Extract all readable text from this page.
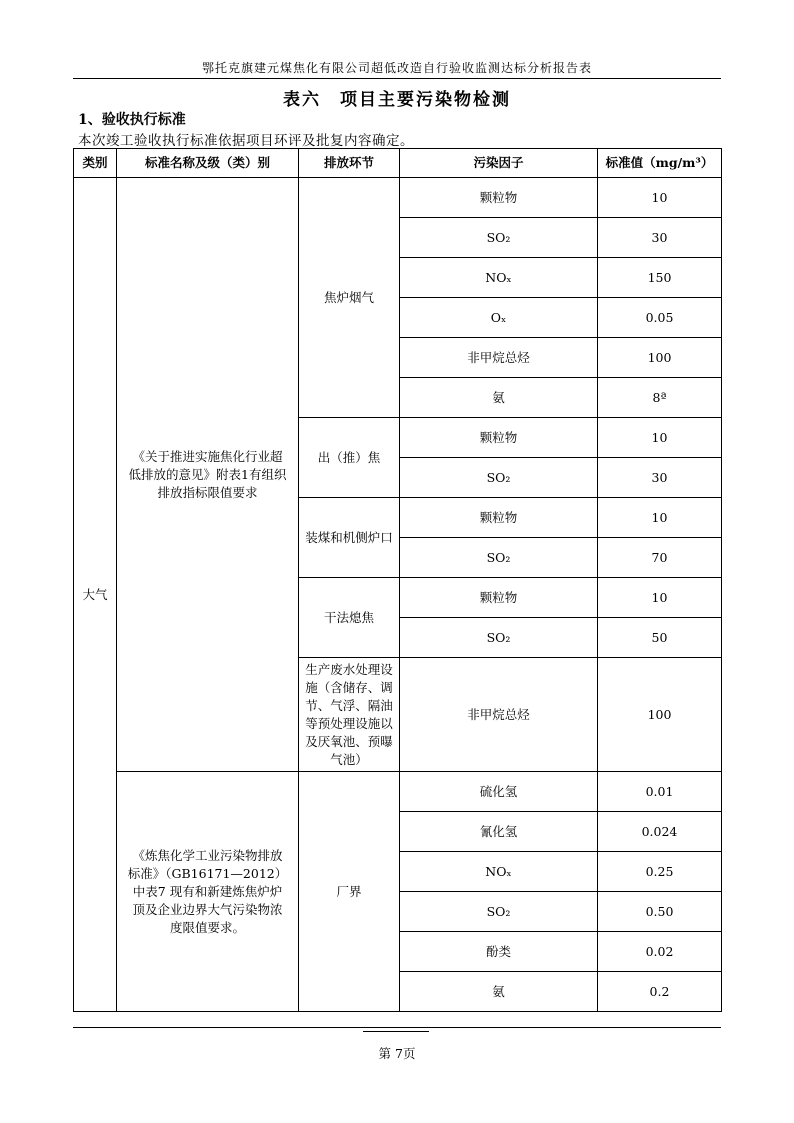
鄂托克旗建元煤焦化有限公司超低改造自行验收监测达标分析报告表
表六　项目主要污染物检测
1、验收执行标准
本次竣工验收执行标准依据项目环评及批复内容确定。
类别	标准名称及级（类）别	排放环节	污染因子	标准值（mg/m³）
大气	《关于推进实施焦化行业超低排放的意见》附表1有组织排放指标限值要求	焦炉烟气	颗粒物	10
			SO₂	30
			NOₓ	150
			Oₓ	0.05
			非甲烷总烃	100
			氨	8ª
		出（推）焦	颗粒物	10
			SO₂	30
		装煤和机侧炉口	颗粒物	10
			SO₂	70
		干法熄焦	颗粒物	10
			SO₂	50
		生产废水处理设施（含储存、调节、气浮、隔油等预处理设施以及厌氧池、预曝气池）	非甲烷总烃	100
	《炼焦化学工业污染物排放标准》（GB16171—2012）中表7 现有和新建炼焦炉炉顶及企业边界大气污染物浓度限值要求。	厂界	硫化氢	0.01
			氰化氢	0.024
			NOₓ	0.25
			SO₂	0.50
			酚类	0.02
			氨	0.2
第 7页
